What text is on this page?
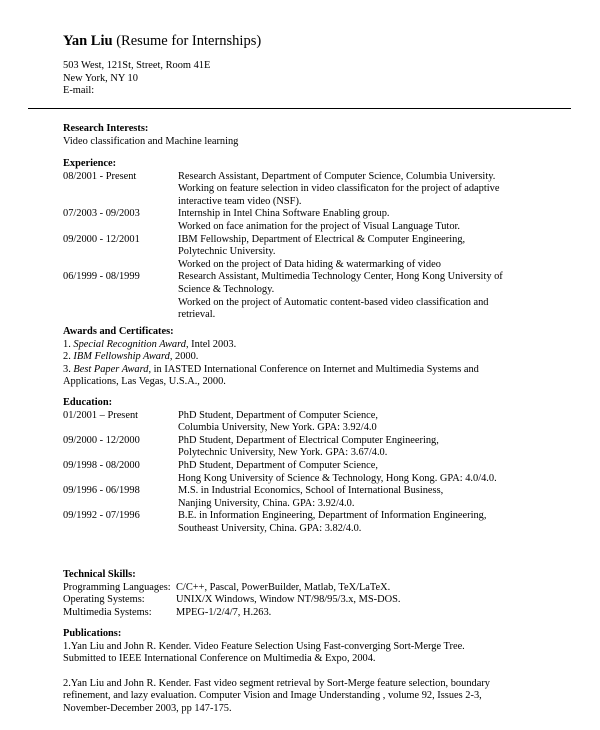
Yan Liu (Resume for Internships)
503 West, 121St, Street, Room 41E
New York, NY 10
E-mail:
Research Interests:
Video classification and Machine learning
Experience:
08/2001 - Present	Research Assistant, Department of Computer Science, Columbia University.
Working on feature selection in video classificaton for the project of adaptive
interactive team video (NSF).
07/2003 - 09/2003	Internship in Intel China Software Enabling group.
Worked on face animation for the project of Visual Language Tutor.
09/2000 - 12/2001	IBM Fellowship, Department of Electrical & Computer Engineering,
Polytechnic University.
Worked on the project of Data hiding & watermarking of video
06/1999 - 08/1999	Research Assistant, Multimedia Technology Center, Hong Kong University of
Science & Technology.
Worked on the project of Automatic content-based video classification and
retrieval.
Awards and Certificates:
1. Special Recognition Award, Intel 2003.
2. IBM Fellowship Award, 2000.
3. Best Paper Award, in IASTED International Conference on Internet and Multimedia Systems and
Applications, Las Vegas, U.S.A., 2000.
Education:
01/2001 – Present	PhD Student, Department of Computer Science,
Columbia University, New York. GPA: 3.92/4.0
09/2000 - 12/2000	PhD Student, Department of Electrical Computer Engineering,
Polytechnic University, New York. GPA: 3.67/4.0.
09/1998 - 08/2000	PhD Student, Department of Computer Science,
Hong Kong University of Science & Technology, Hong Kong. GPA: 4.0/4.0.
09/1996 - 06/1998	M.S. in Industrial Economics, School of International Business,
Nanjing University, China. GPA: 3.92/4.0.
09/1992 - 07/1996	B.E. in Information Engineering, Department of Information Engineering,
Southeast University, China. GPA: 3.82/4.0.
Technical Skills:
Programming Languages: C/C++, Pascal, PowerBuilder, Matlab, TeX/LaTeX.
Operating Systems:	UNIX/X Windows, Window NT/98/95/3.x, MS-DOS.
Multimedia Systems: MPEG-1/2/4/7, H.263.
Publications:
1.Yan Liu and John R. Kender. Video Feature Selection Using Fast-converging Sort-Merge Tree.
Submitted to IEEE International Conference on Multimedia & Expo, 2004.
2.Yan Liu and John R. Kender. Fast video segment retrieval by Sort-Merge feature selection, boundary
refinement, and lazy evaluation. Computer Vision and Image Understanding , volume 92, Issues 2-3,
November-December 2003, pp 147-175.
